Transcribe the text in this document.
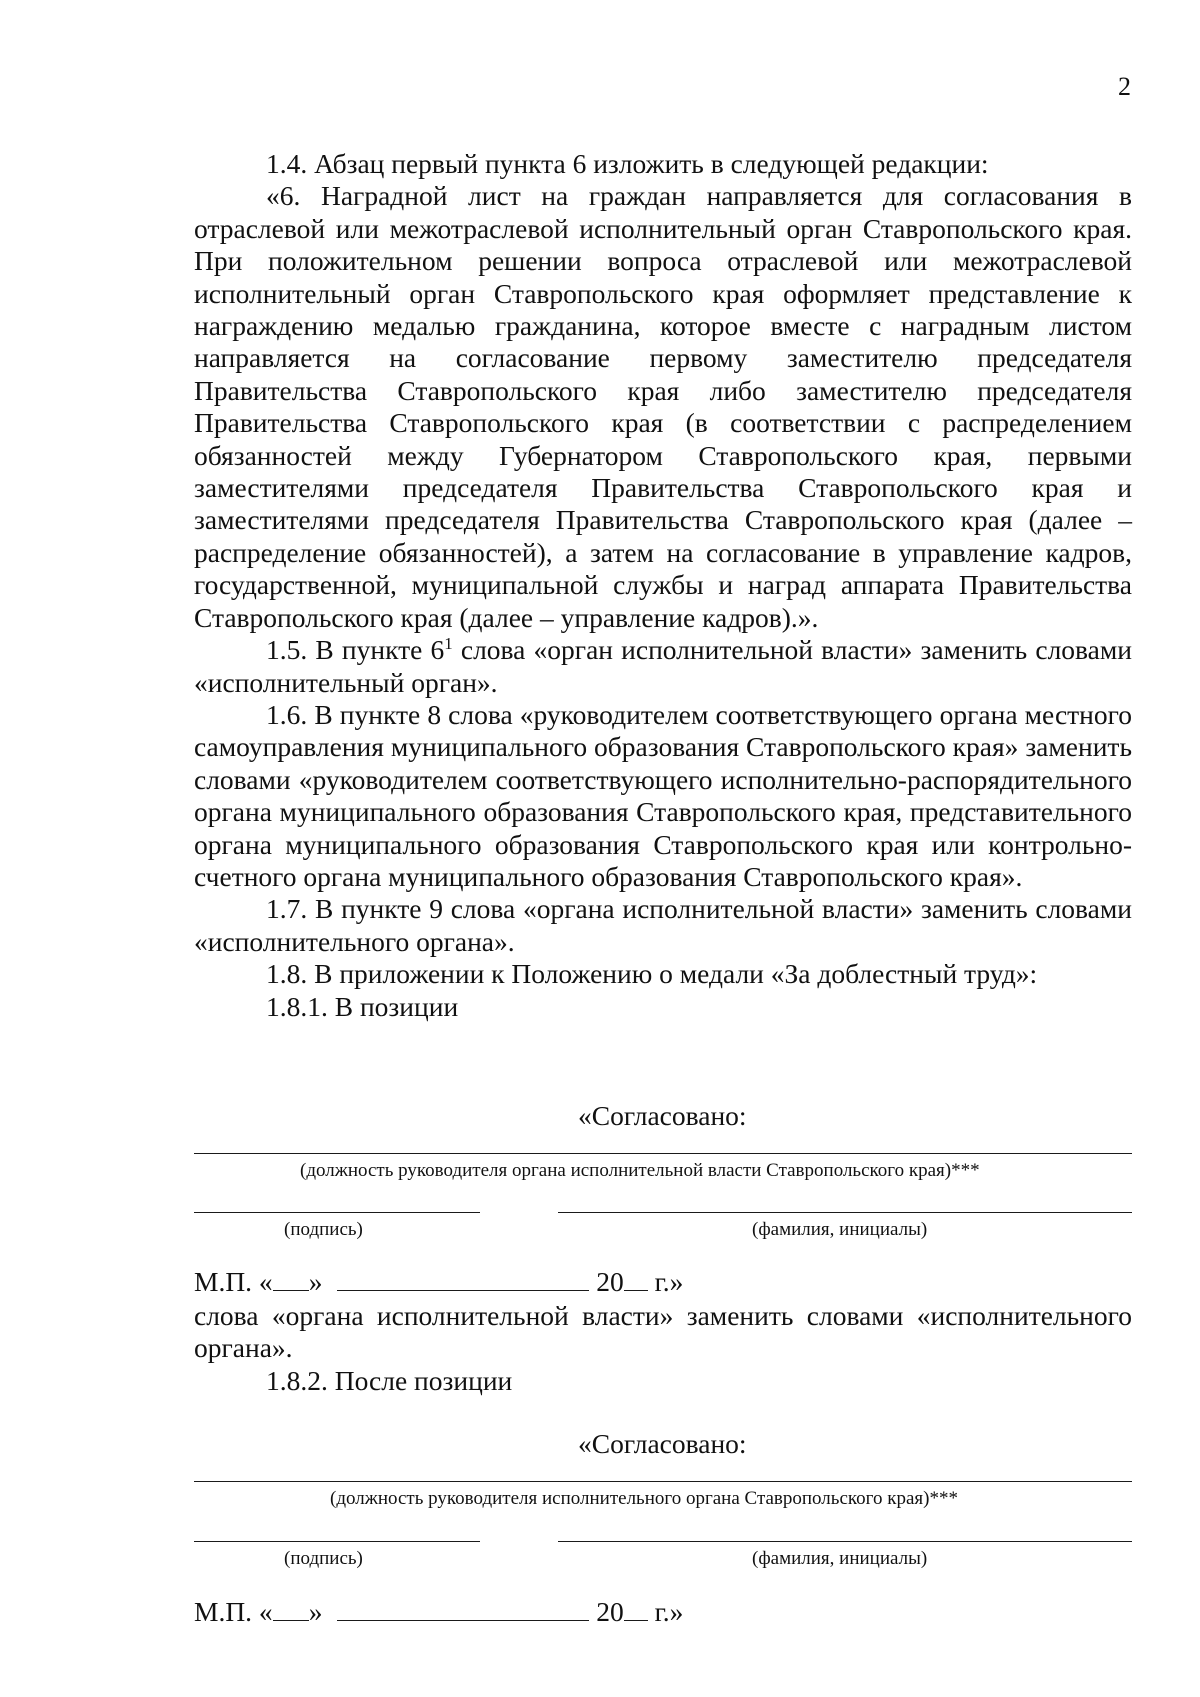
2

1.4. Абзац первый пункта 6 изложить в следующей редакции:

«6. Наградной лист на граждан направляется для согласования в отраслевой или межотраслевой исполнительный орган Ставропольского края. При положительном решении вопроса отраслевой или межотраслевой исполнительный орган Ставропольского края оформляет представление к награждению медалью гражданина, которое вместе с наградным листом направляется на согласование первому заместителю председателя Правительства Ставропольского края либо заместителю председателя Правительства Ставропольского края (в соответствии с распределением обязанностей между Губернатором Ставропольского края, первыми заместителями председателя Правительства Ставропольского края и заместителями председателя Правительства Ставропольского края (далее – распределение обязанностей), а затем на согласование в управление кадров, государственной, муниципальной службы и наград аппарата Правительства Ставропольского края (далее – управление кадров).».

1.5. В пункте $6^1$ слова «орган исполнительной власти» заменить словами «исполнительный орган».

1.6. В пункте 8 слова «руководителем соответствующего органа местного самоуправления муниципального образования Ставропольского края» заменить словами «руководителем соответствующего исполнительно-распорядительного органа муниципального образования Ставропольского края, представительного органа муниципального образования Ставропольского края или контрольно-счетного органа муниципального образования Ставропольского края».

1.7. В пункте 9 слова «органа исполнительной власти» заменить словами «исполнительного органа».

1.8. В приложении к Положению о медали «За доблестный труд»:

1.8.1. В позиции

«Согласовано:
(должность руководителя органа исполнительной власти Ставропольского края)***
(подпись)	(фамилия, инициалы)
М.П. « »	20 г.»

слова «органа исполнительной власти» заменить словами «исполнительного органа».

1.8.2. После позиции

«Согласовано:
(должность руководителя исполнительного органа Ставропольского края)***
(подпись)	(фамилия, инициалы)
М.П. « »	20 г.»
